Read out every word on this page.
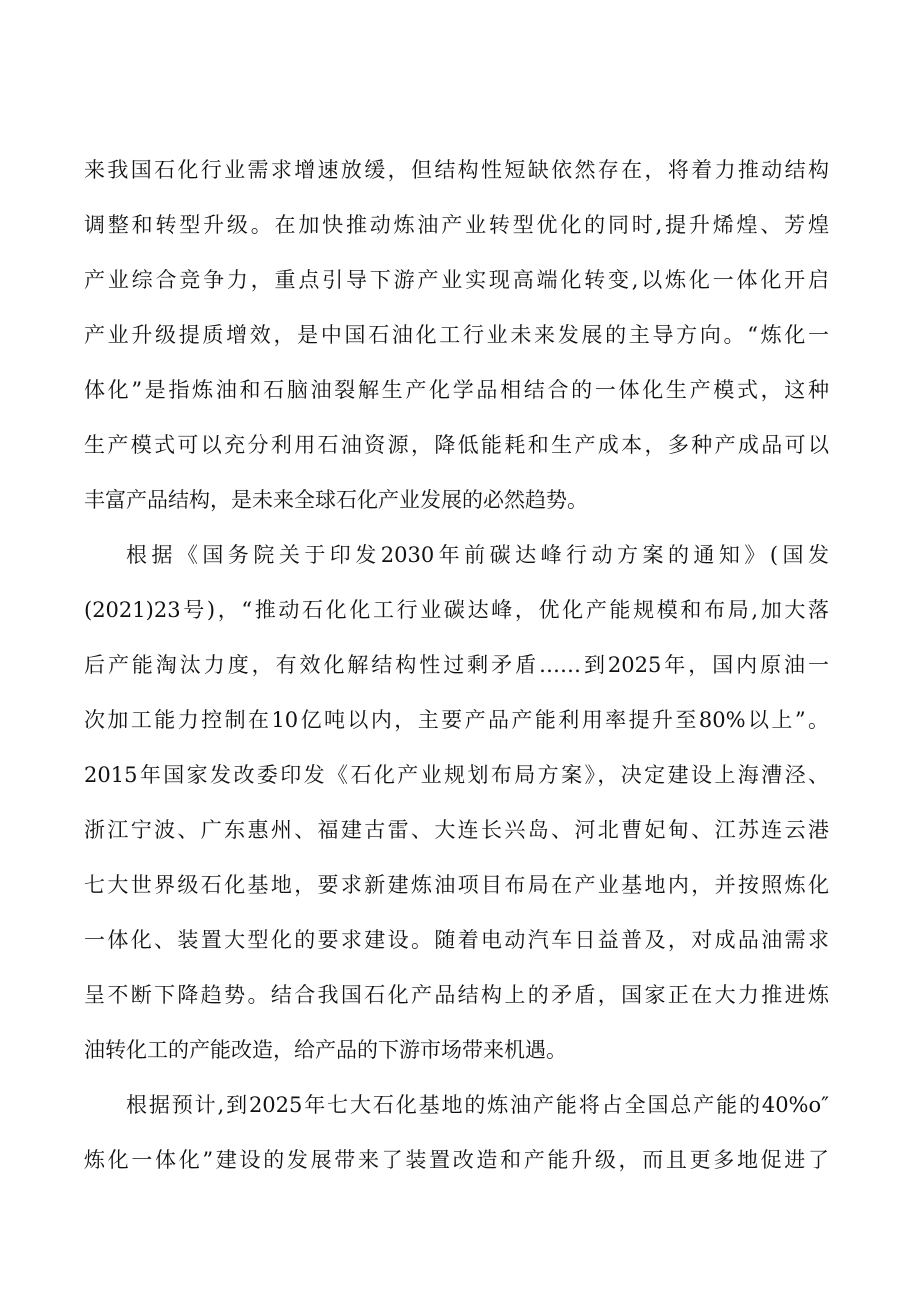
来我国石化行业需求增速放缓，但结构性短缺依然存在，将着力推动结构
调整和转型升级。在加快推动炼油产业转型优化的同时,提升烯煌、芳煌
产业综合竞争力，重点引导下游产业实现高端化转变,以炼化一体化开启
产业升级提质增效，是中国石油化工行业未来发展的主导方向。“炼化一
体化”是指炼油和石脑油裂解生产化学品相结合的一体化生产模式，这种
生产模式可以充分利用石油资源，降低能耗和生产成本，多种产成品可以
丰富产品结构，是未来全球石化产业发展的必然趋势。
根据《国务院关于印发2030年前碳达峰行动方案的通知》(国发
(2021)23号)，“推动石化化工行业碳达峰，优化产能规模和布局,加大落
后产能淘汰力度，有效化解结构性过剩矛盾……到2025年，国内原油一
次加工能力控制在10亿吨以内，主要产品产能利用率提升至80%以上”。
2015年国家发改委印发《石化产业规划布局方案》，决定建设上海漕泾、
浙江宁波、广东惠州、福建古雷、大连长兴岛、河北曹妃甸、江苏连云港
七大世界级石化基地，要求新建炼油项目布局在产业基地内，并按照炼化
一体化、装置大型化的要求建设。随着电动汽车日益普及，对成品油需求
呈不断下降趋势。结合我国石化产品结构上的矛盾，国家正在大力推进炼
油转化工的产能改造，给产品的下游市场带来机遇。
根据预计,到2025年七大石化基地的炼油产能将占全国总产能的40%o″
炼化一体化”建设的发展带来了装置改造和产能升级，而且更多地促进了
